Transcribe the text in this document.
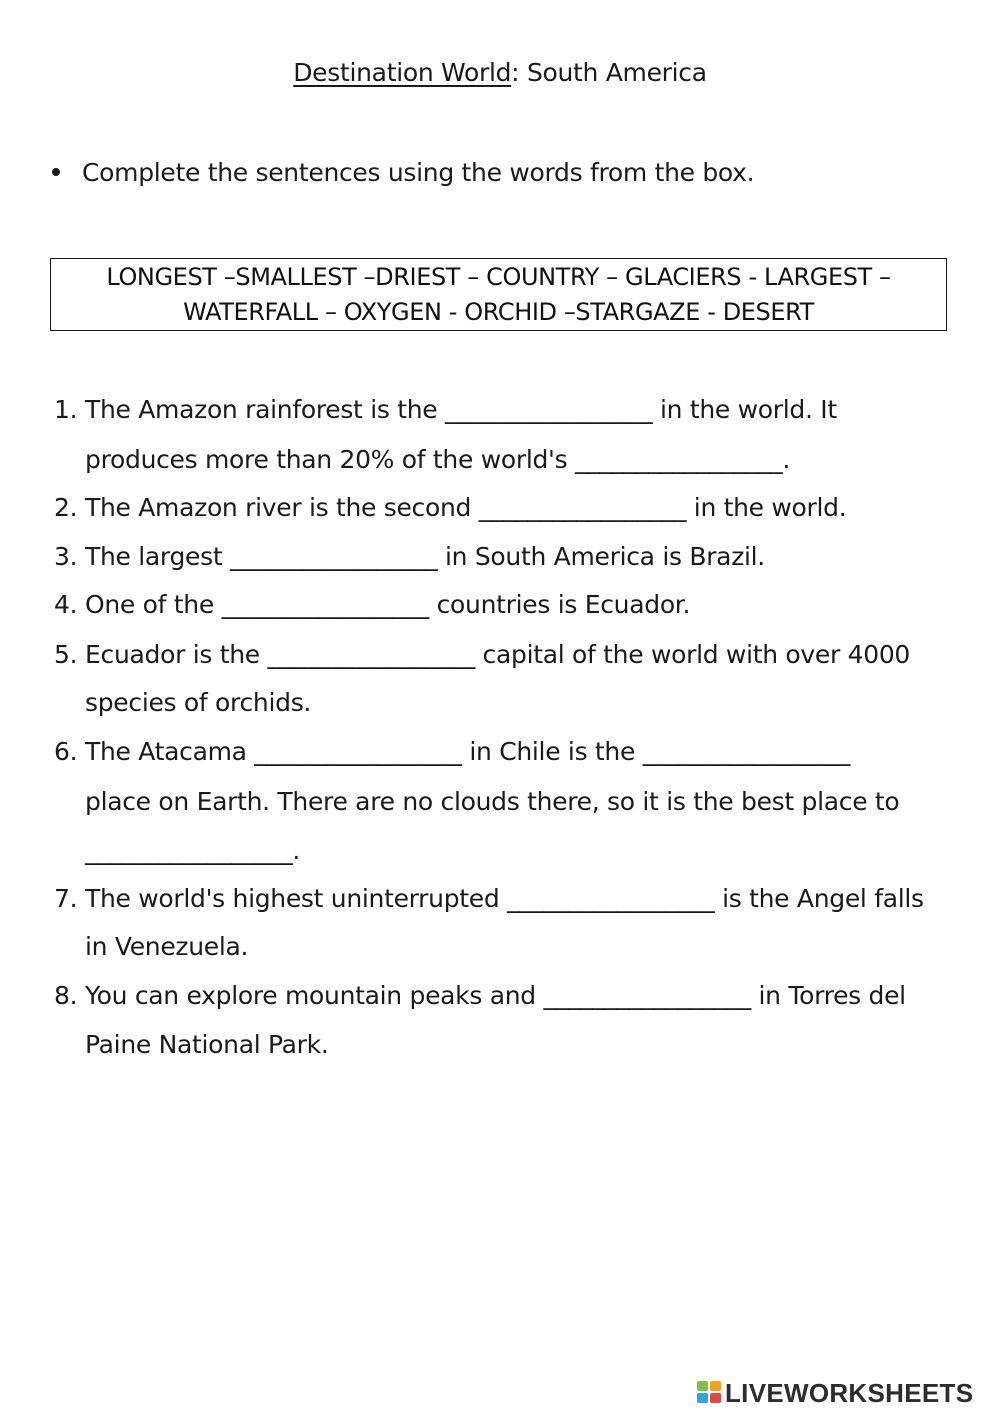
Destination World: South America
Complete the sentences using the words from the box.
LONGEST –SMALLEST –DRIEST – COUNTRY – GLACIERS - LARGEST –
WATERFALL – OXYGEN - ORCHID –STARGAZE - DESERT
1. The Amazon rainforest is the _________________ in the world. It
produces more than 20% of the world's _________________.
2. The Amazon river is the second _________________ in the world.
3. The largest _________________ in South America is Brazil.
4. One of the _________________ countries is Ecuador.
5. Ecuador is the _________________ capital of the world with over 4000
species of orchids.
6. The Atacama _________________ in Chile is the _________________
place on Earth. There are no clouds there, so it is the best place to
_________________.
7. The world's highest uninterrupted _________________ is the Angel falls
in Venezuela.
8. You can explore mountain peaks and _________________ in Torres del
Paine National Park.
LIVEWORKSHEETS
